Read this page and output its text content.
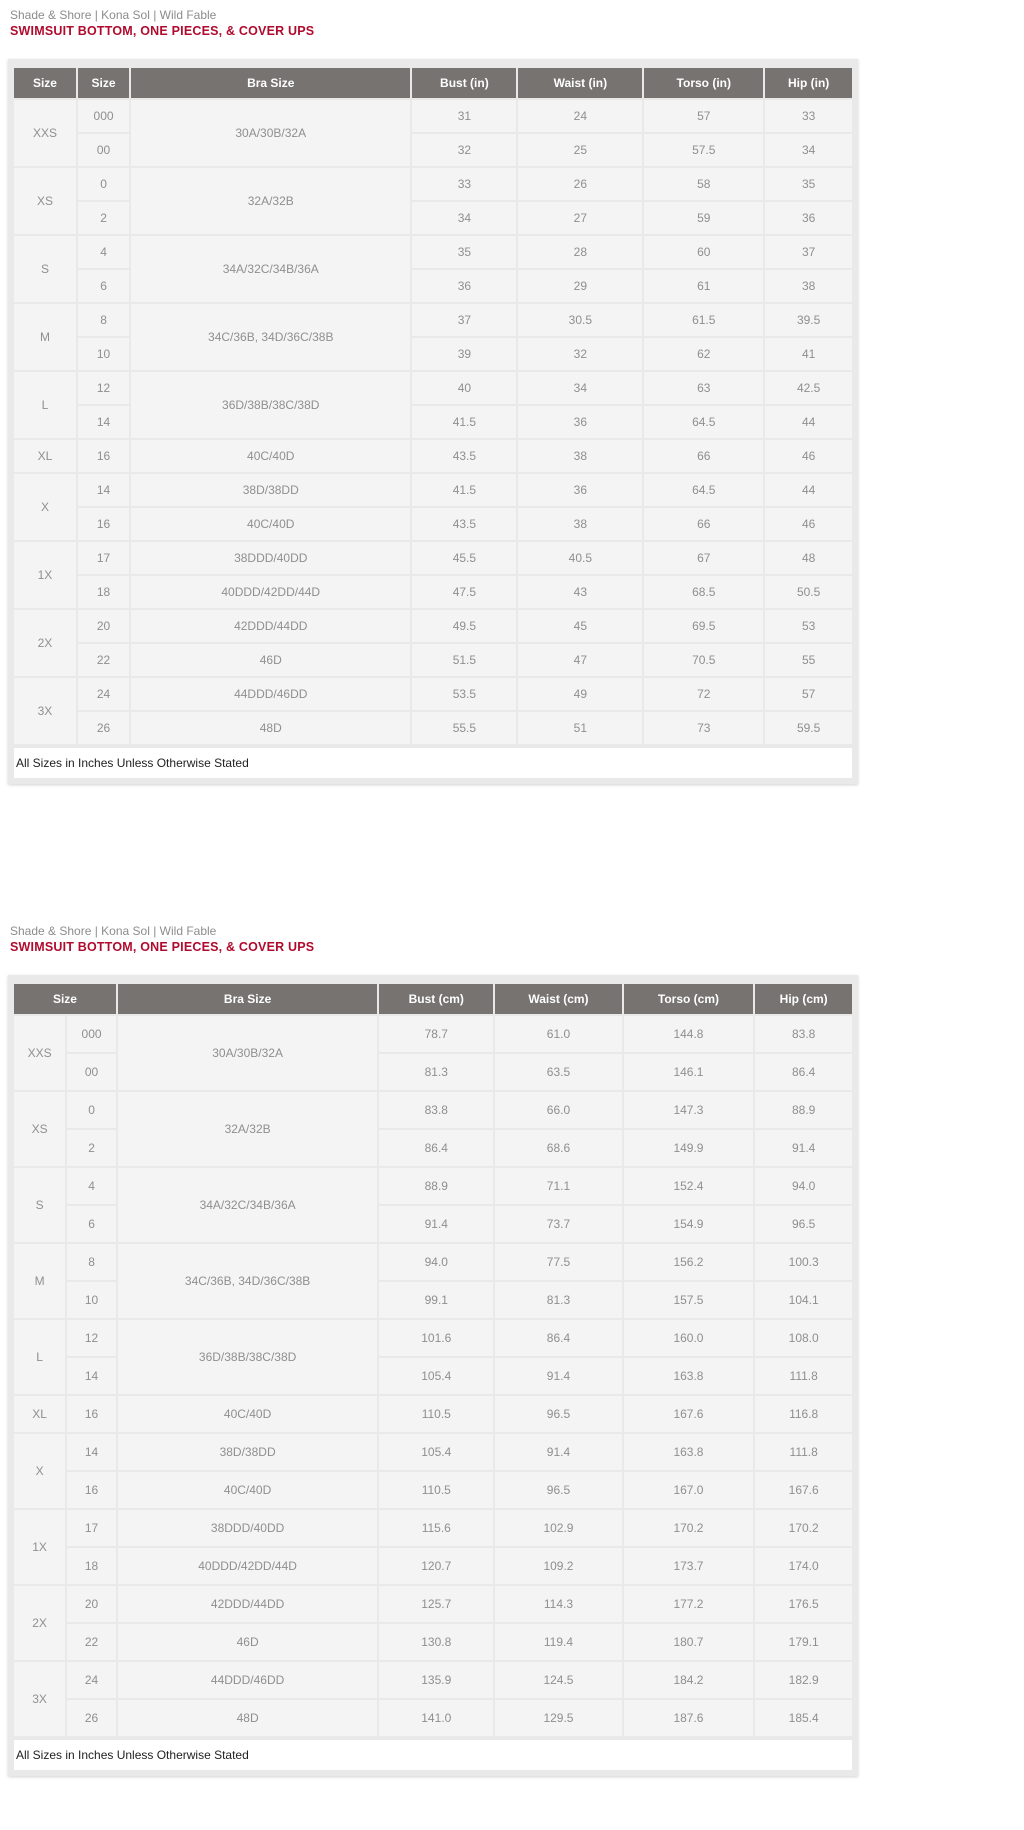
Shade & Shore | Kona Sol | Wild Fable
SWIMSUIT BOTTOM, ONE PIECES, & COVER UPS
Size	Size	Bra Size	Bust (in)	Waist (in)	Torso (in)	Hip (in)
XXS	000	30A/30B/32A	31	24	57	33
	00		32	25	57.5	34
XS	0	32A/32B	33	26	58	35
	2		34	27	59	36
S	4	34A/32C/34B/36A	35	28	60	37
	6		36	29	61	38
M	8	34C/36B, 34D/36C/38B	37	30.5	61.5	39.5
	10		39	32	62	41
L	12	36D/38B/38C/38D	40	34	63	42.5
	14		41.5	36	64.5	44
XL	16	40C/40D	43.5	38	66	46
X	14	38D/38DD	41.5	36	64.5	44
	16	40C/40D	43.5	38	66	46
1X	17	38DDD/40DD	45.5	40.5	67	48
	18	40DDD/42DD/44D	47.5	43	68.5	50.5
2X	20	42DDD/44DD	49.5	45	69.5	53
	22	46D	51.5	47	70.5	55
3X	24	44DDD/46DD	53.5	49	72	57
	26	48D	55.5	51	73	59.5
All Sizes in Inches Unless Otherwise Stated
Shade & Shore | Kona Sol | Wild Fable
SWIMSUIT BOTTOM, ONE PIECES, & COVER UPS
Size		Bra Size	Bust (cm)	Waist (cm)	Torso (cm)	Hip (cm)
XXS	000	30A/30B/32A	78.7	61.0	144.8	83.8
	00		81.3	63.5	146.1	86.4
XS	0	32A/32B	83.8	66.0	147.3	88.9
	2		86.4	68.6	149.9	91.4
S	4	34A/32C/34B/36A	88.9	71.1	152.4	94.0
	6		91.4	73.7	154.9	96.5
M	8	34C/36B, 34D/36C/38B	94.0	77.5	156.2	100.3
	10		99.1	81.3	157.5	104.1
L	12	36D/38B/38C/38D	101.6	86.4	160.0	108.0
	14		105.4	91.4	163.8	111.8
XL	16	40C/40D	110.5	96.5	167.6	116.8
X	14	38D/38DD	105.4	91.4	163.8	111.8
	16	40C/40D	110.5	96.5	167.0	167.6
1X	17	38DDD/40DD	115.6	102.9	170.2	170.2
	18	40DDD/42DD/44D	120.7	109.2	173.7	174.0
2X	20	42DDD/44DD	125.7	114.3	177.2	176.5
	22	46D	130.8	119.4	180.7	179.1
3X	24	44DDD/46DD	135.9	124.5	184.2	182.9
	26	48D	141.0	129.5	187.6	185.4
All Sizes in Inches Unless Otherwise Stated
